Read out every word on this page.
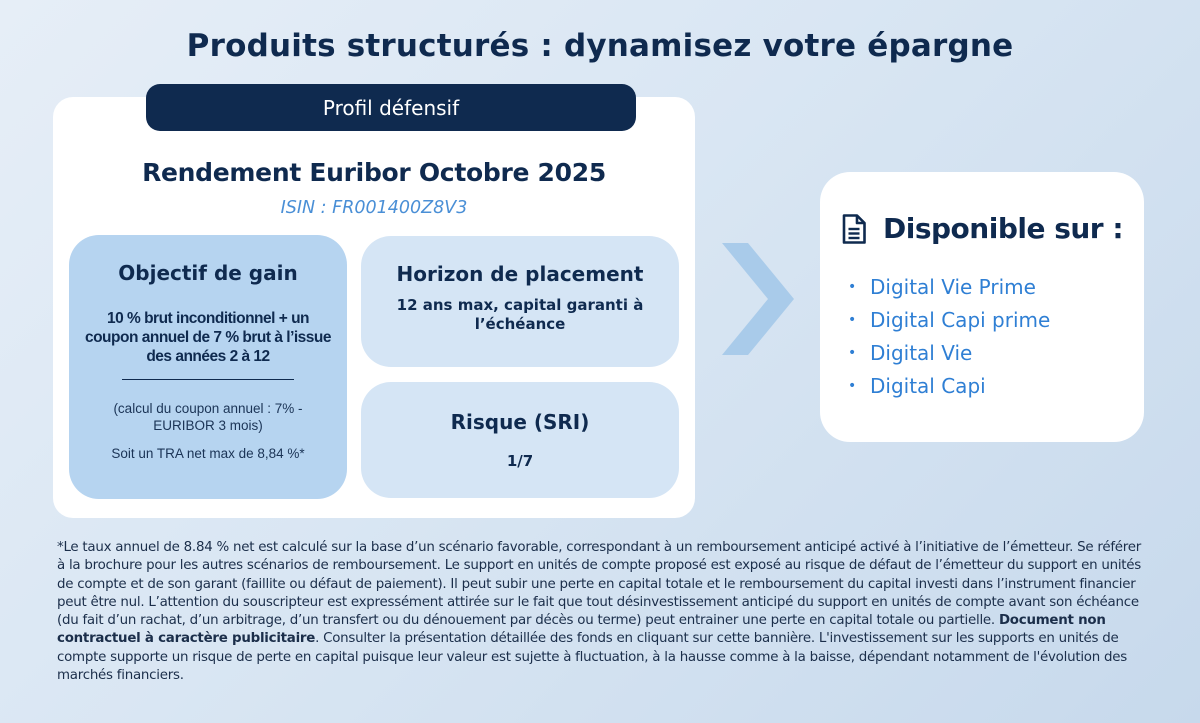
Produits structurés : dynamisez votre épargne
Profil défensif
Rendement Euribor Octobre 2025
ISIN : FR001400Z8V3
Objectif de gain
10 % brut inconditionnel + un coupon annuel de 7 % brut à l’issue des années 2 à 12
(calcul du coupon annuel : 7% - EURIBOR 3 mois)
Soit un TRA net max de 8,84 %*
Horizon de placement
12 ans max, capital garanti à l’échéance
Risque (SRI)
1/7
Disponible sur :
• Digital Vie Prime
• Digital Capi prime
• Digital Vie
• Digital Capi
*Le taux annuel de 8.84 % net est calculé sur la base d’un scénario favorable, correspondant à un remboursement anticipé activé à l’initiative de l’émetteur. Se référer à la brochure pour les autres scénarios de remboursement. Le support en unités de compte proposé est exposé au risque de défaut de l’émetteur du support en unités de compte et de son garant (faillite ou défaut de paiement). Il peut subir une perte en capital totale et le remboursement du capital investi dans l’instrument financier peut être nul. L’attention du souscripteur est expressément attirée sur le fait que tout désinvestissement anticipé du support en unités de compte avant son échéance (du fait d’un rachat, d’un arbitrage, d’un transfert ou du dénouement par décès ou terme) peut entrainer une perte en capital totale ou partielle. Document non contractuel à caractère publicitaire. Consulter la présentation détaillée des fonds en cliquant sur cette bannière. L'investissement sur les supports en unités de compte supporte un risque de perte en capital puisque leur valeur est sujette à fluctuation, à la hausse comme à la baisse, dépendant notamment de l'évolution des marchés financiers.
